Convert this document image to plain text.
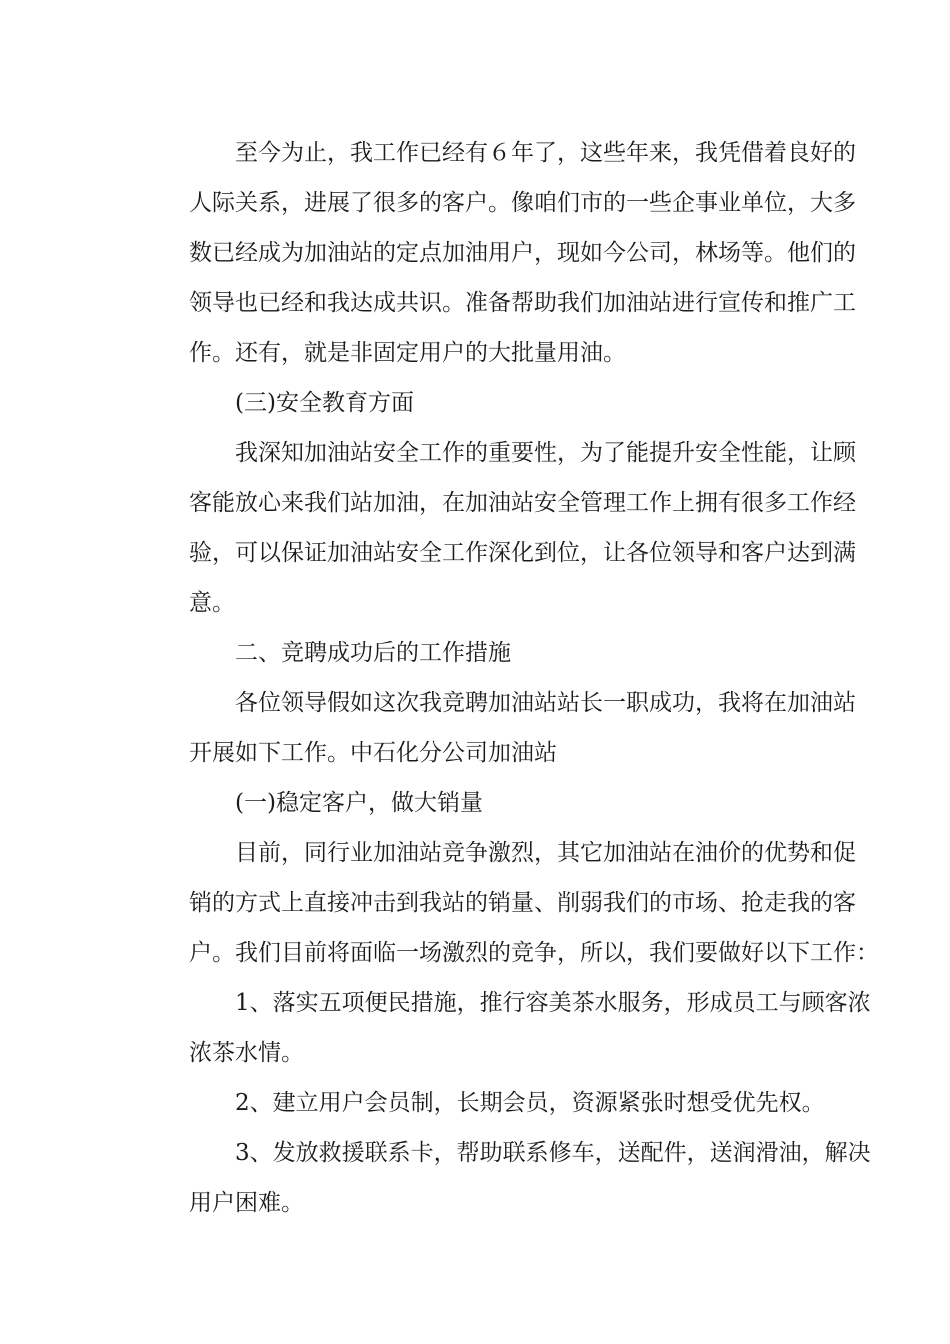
至今为止，我工作已经有６年了，这些年来，我凭借着良好的
人际关系，进展了很多的客户。像咱们市的一些企事业单位，大多
数已经成为加油站的定点加油用户，现如今公司，林场等。他们的
领导也已经和我达成共识。准备帮助我们加油站进行宣传和推广工
作。还有，就是非固定用户的大批量用油。
(三)安全教育方面
我深知加油站安全工作的重要性，为了能提升安全性能，让顾
客能放心来我们站加油，在加油站安全管理工作上拥有很多工作经
验，可以保证加油站安全工作深化到位，让各位领导和客户达到满
意。
二、竞聘成功后的工作措施
各位领导假如这次我竞聘加油站站长一职成功，我将在加油站
开展如下工作。中石化分公司加油站
(一)稳定客户，做大销量
目前，同行业加油站竞争激烈，其它加油站在油价的优势和促
销的方式上直接冲击到我站的销量、削弱我们的市场、抢走我的客
户。我们目前将面临一场激烈的竞争，所以，我们要做好以下工作：
1、落实五项便民措施，推行容美茶水服务，形成员工与顾客浓
浓茶水情。
2、建立用户会员制，长期会员，资源紧张时想受优先权。
3、发放救援联系卡，帮助联系修车，送配件，送润滑油，解决
用户困难。
